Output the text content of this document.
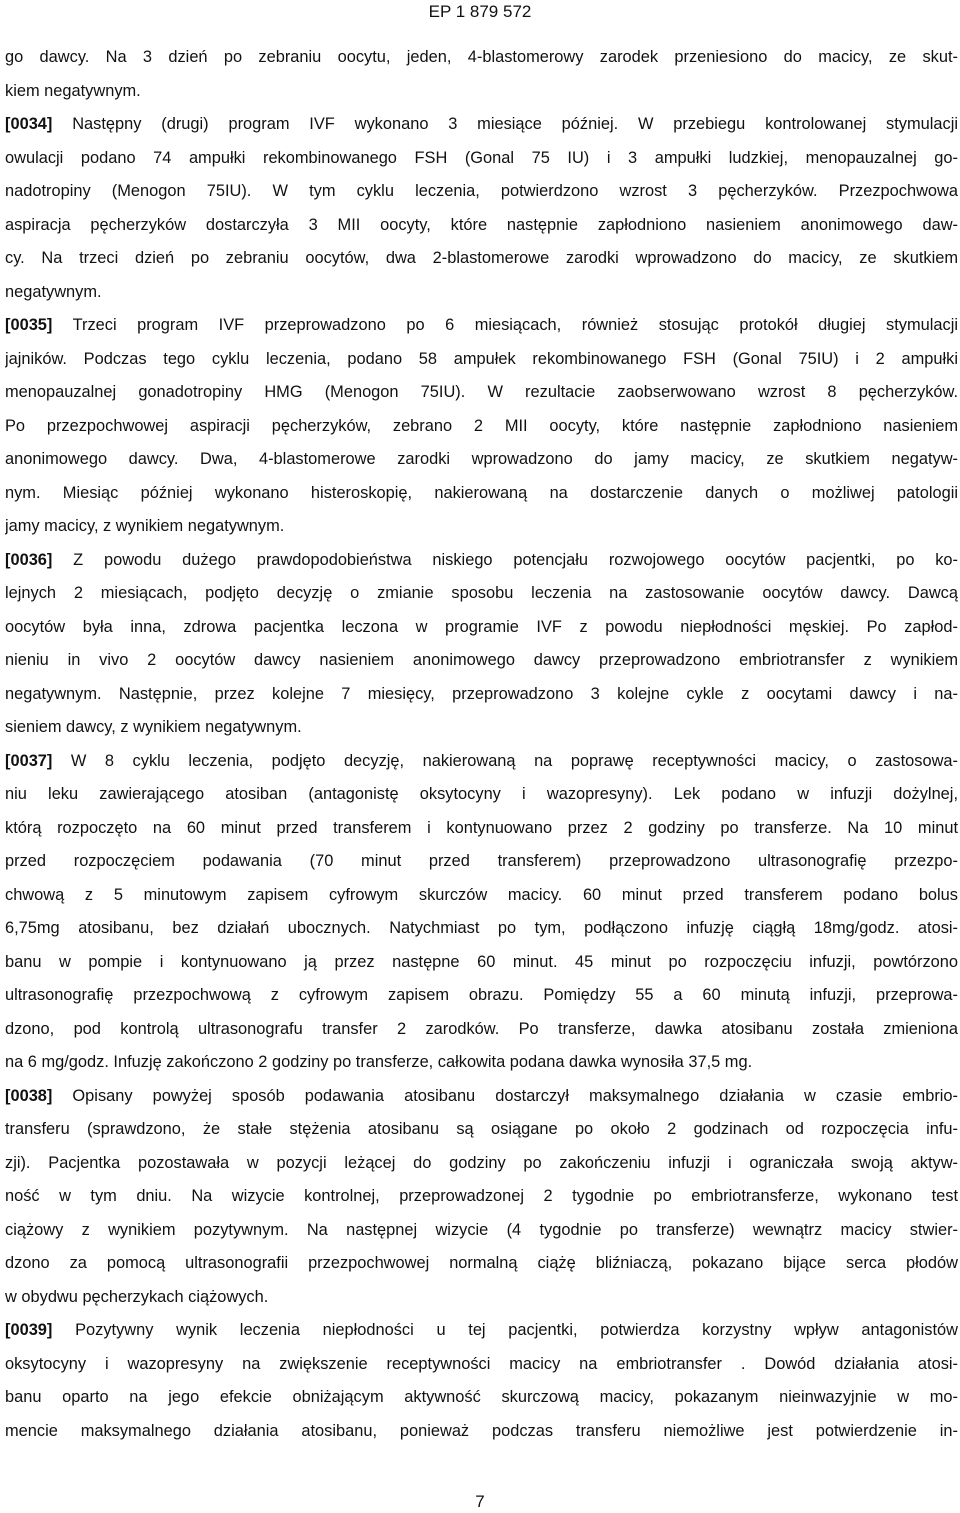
EP 1 879 572
go dawcy. Na 3 dzień po zebraniu oocytu, jeden, 4-blastomerowy zarodek przeniesiono do macicy, ze skut-
kiem negatywnym.
[0034] Następny (drugi) program IVF wykonano 3 miesiące później. W przebiegu kontrolowanej stymulacji
owulacji podano 74 ampułki rekombinowanego FSH (Gonal 75 IU) i 3 ampułki ludzkiej, menopauzalnej go-
nadotropiny (Menogon 75IU). W tym cyklu leczenia, potwierdzono wzrost 3 pęcherzyków. Przezpochwowa
aspiracja pęcherzyków dostarczyła 3 MII oocyty, które następnie zapłodniono nasieniem anonimowego daw-
cy. Na trzeci dzień po zebraniu oocytów, dwa 2-blastomerowe zarodki wprowadzono do macicy, ze skutkiem
negatywnym.
[0035] Trzeci program IVF przeprowadzono po 6 miesiącach, również stosując protokół długiej stymulacji
jajników. Podczas tego cyklu leczenia, podano 58 ampułek rekombinowanego FSH (Gonal 75IU) i 2 ampułki
menopauzalnej gonadotropiny HMG (Menogon 75IU). W rezultacie zaobserwowano wzrost 8 pęcherzyków.
Po przezpochwowej aspiracji pęcherzyków, zebrano 2 MII oocyty, które następnie zapłodniono nasieniem
anonimowego dawcy. Dwa, 4-blastomerowe zarodki wprowadzono do jamy macicy, ze skutkiem negatyw-
nym. Miesiąc później wykonano histeroskopię, nakierowaną na dostarczenie danych o możliwej patologii
jamy macicy, z wynikiem negatywnym.
[0036] Z powodu dużego prawdopodobieństwa niskiego potencjału rozwojowego oocytów pacjentki, po ko-
lejnych 2 miesiącach, podjęto decyzję o zmianie sposobu leczenia na zastosowanie oocytów dawcy. Dawcą
oocytów była inna, zdrowa pacjentka leczona w programie IVF z powodu niepłodności męskiej. Po zapłod-
nieniu in vivo 2 oocytów dawcy nasieniem anonimowego dawcy przeprowadzono embriotransfer z wynikiem
negatywnym. Następnie, przez kolejne 7 miesięcy, przeprowadzono 3 kolejne cykle z oocytami dawcy i na-
sieniem dawcy, z wynikiem negatywnym.
[0037] W 8 cyklu leczenia, podjęto decyzję, nakierowaną na poprawę receptywności macicy, o zastosowa-
niu leku zawierającego atosiban (antagonistę oksytocyny i wazopresyny). Lek podano w infuzji dożylnej,
którą rozpoczęto na 60 minut przed transferem i kontynuowano przez 2 godziny po transferze. Na 10 minut
przed rozpoczęciem podawania (70 minut przed transferem) przeprowadzono ultrasonografię przezpo-
chwową z 5 minutowym zapisem cyfrowym skurczów macicy. 60 minut przed transferem podano bolus
6,75mg atosibanu, bez działań ubocznych. Natychmiast po tym, podłączono infuzję ciągłą 18mg/godz. atosi-
banu w pompie i kontynuowano ją przez następne 60 minut. 45 minut po rozpoczęciu infuzji, powtórzono
ultrasonografię przezpochwową z cyfrowym zapisem obrazu. Pomiędzy 55 a 60 minutą infuzji, przeprowa-
dzono, pod kontrolą ultrasonografu transfer 2 zarodków. Po transferze, dawka atosibanu została zmieniona
na 6 mg/godz. Infuzję zakończono 2 godziny po transferze, całkowita podana dawka wynosiła 37,5 mg.
[0038] Opisany powyżej sposób podawania atosibanu dostarczył maksymalnego działania w czasie embrio-
transferu (sprawdzono, że stałe stężenia atosibanu są osiągane po około 2 godzinach od rozpoczęcia infu-
zji). Pacjentka pozostawała w pozycji leżącej do godziny po zakończeniu infuzji i ograniczała swoją aktyw-
ność w tym dniu. Na wizycie kontrolnej, przeprowadzonej 2 tygodnie po embriotransferze, wykonano test
ciążowy z wynikiem pozytywnym. Na następnej wizycie (4 tygodnie po transferze) wewnątrz macicy stwier-
dzono za pomocą ultrasonografii przezpochwowej normalną ciążę bliźniaczą, pokazano bijące serca płodów
w obydwu pęcherzykach ciążowych.
[0039] Pozytywny wynik leczenia niepłodności u tej pacjentki, potwierdza korzystny wpływ antagonistów
oksytocyny i wazopresyny na zwiększenie receptywności macicy na embriotransfer . Dowód działania atosi-
banu oparto na jego efekcie obniżającym aktywność skurczową macicy, pokazanym nieinwazyjnie w mo-
mencie maksymalnego działania atosibanu, ponieważ podczas transferu niemożliwe jest potwierdzenie in-
7
